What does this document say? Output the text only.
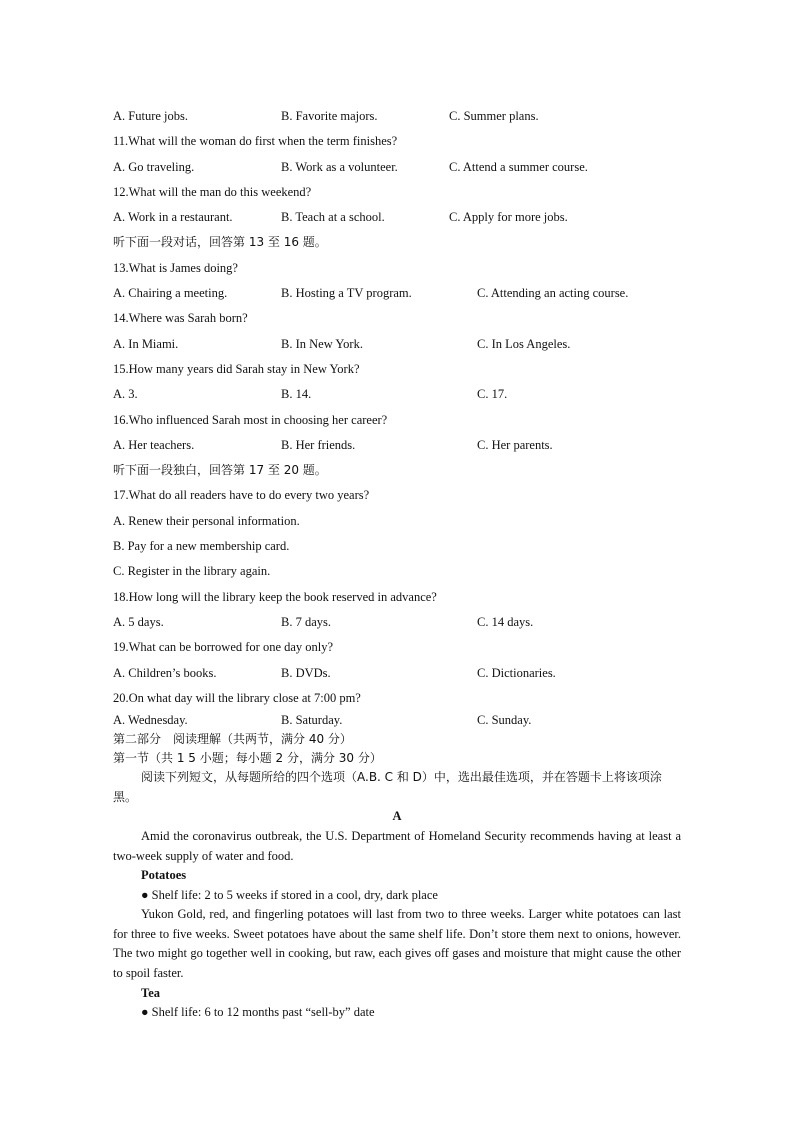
A. Future jobs.	B. Favorite majors.	C. Summer plans.
11.What will the woman do first when the term finishes?
A. Go traveling.	B. Work as a volunteer.	C. Attend a summer course.
12.What will the man do this weekend?
A. Work in a restaurant.	B. Teach at a school.	C. Apply for more jobs.
听下面一段对话，回答第 13 至 16 题。
13.What is James doing?
A. Chairing a meeting.	B. Hosting a TV program.	C. Attending an acting course.
14.Where was Sarah born?
A. In Miami.	B. In New York.	C. In Los Angeles.
15.How many years did Sarah stay in New York?
A. 3.	B. 14.	C. 17.
16.Who influenced Sarah most in choosing her career?
A. Her teachers.	B. Her friends.	C. Her parents.
听下面一段独白，回答第 17 至 20 题。
17.What do all readers have to do every two years?
A. Renew their personal information.
B. Pay for a new membership card.
C. Register in the library again.
18.How long will the library keep the book reserved in advance?
A. 5 days.	B. 7 days.	C. 14 days.
19.What can be borrowed for one day only?
A. Children’s books.	B. DVDs.	C. Dictionaries.
20.On what day will the library close at 7:00 pm?
A. Wednesday.	B. Saturday.	C. Sunday.
第二部分　阅读理解（共两节，满分 40 分）
第一节（共 1 5 小题；每小题 2 分，满分 30 分）

阅读下列短文，从每题所给的四个选项（A.B. C 和 D）中，选出最佳选项，并在答题卡上将该项涂黑。

A

Amid the coronavirus outbreak, the U.S. Department of Homeland Security recommends having at least a two-week supply of water and food.

Potatoes
● Shelf life: 2 to 5 weeks if stored in a cool, dry, dark place

Yukon Gold, red, and fingerling potatoes will last from two to three weeks. Larger white potatoes can last for three to five weeks. Sweet potatoes have about the same shelf life. Don’t store them next to onions, however. The two might go together well in cooking, but raw, each gives off gases and moisture that might cause the other to spoil faster.

Tea
● Shelf life: 6 to 12 months past “sell-by” date
